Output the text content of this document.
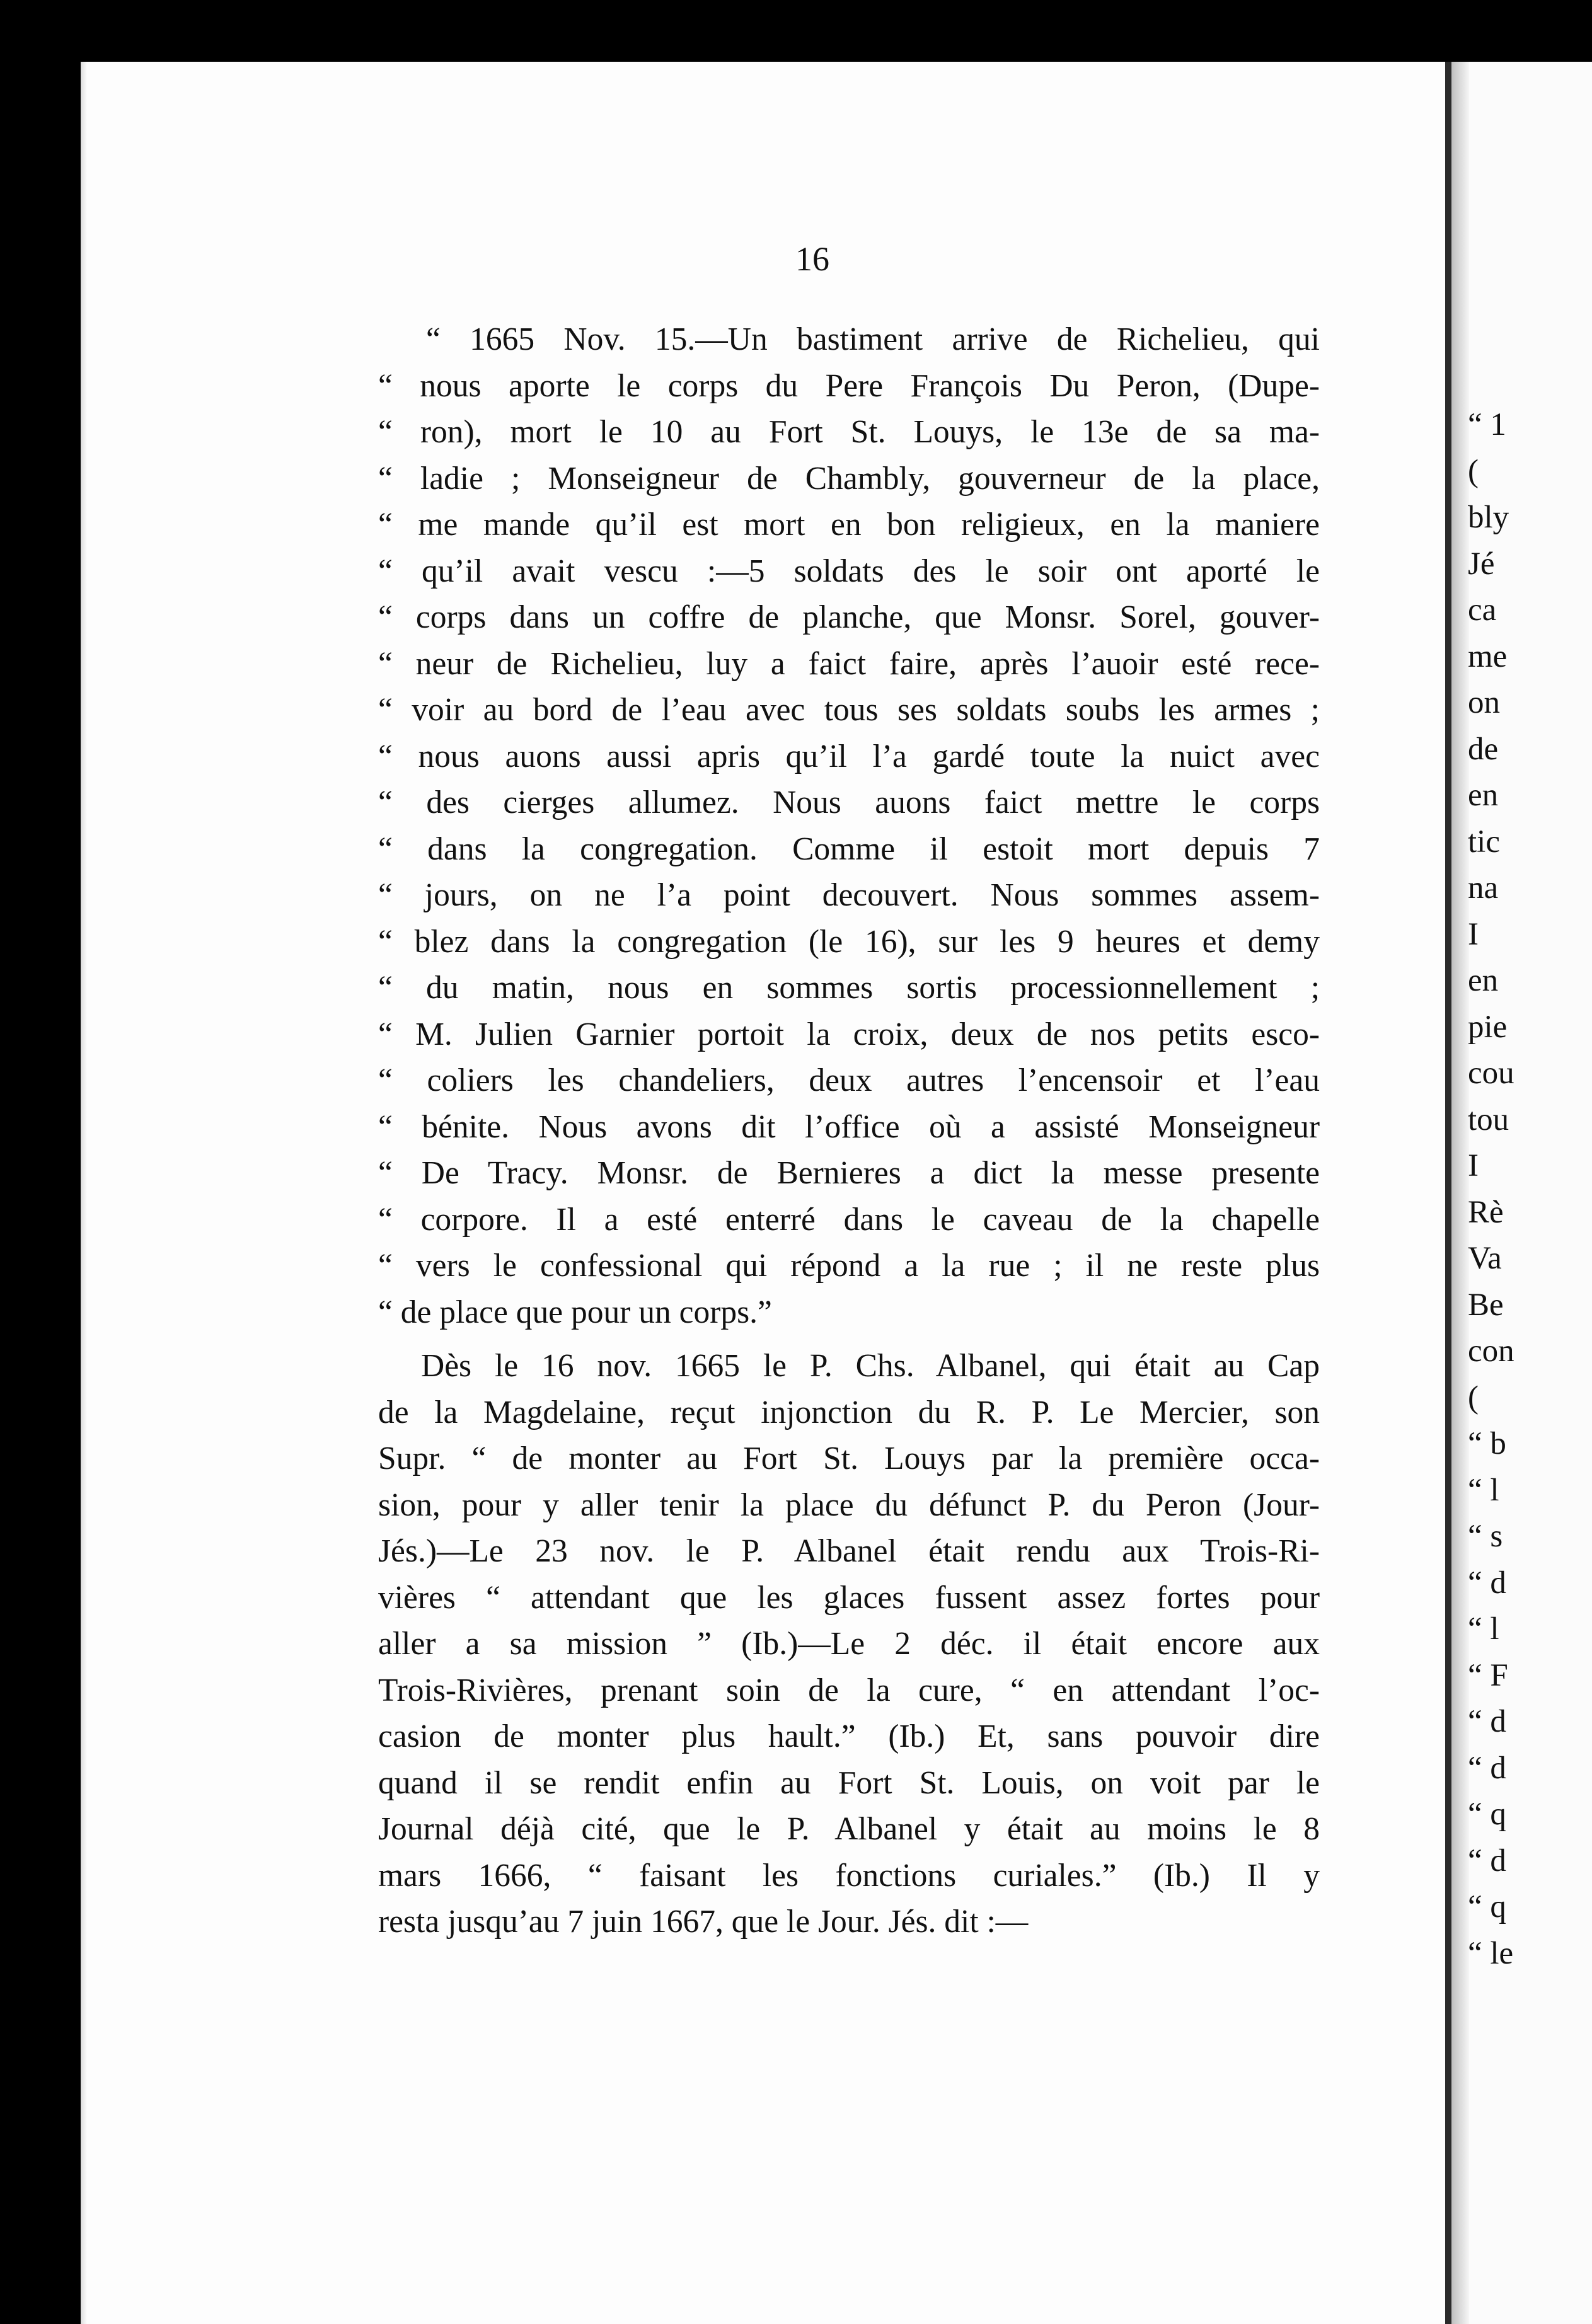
“ 1
(
bly
Jé
ca
me
on
de
en
tic
na
I
en
pie
cou
tou
I
Rè
Va
Be
con
(
“ b
“ l
“ s
“ d
“ l
“ F
“ d
“ d
“ q
“ d
“ q
“ le
16
“ 1665 Nov. 15.—Un bastiment arrive de Richelieu, qui
“ nous aporte le corps du Pere François Du Peron, (Dupe-
“ ron), mort le 10 au Fort St. Louys, le 13e de sa ma-
“ ladie ; Monseigneur de Chambly, gouverneur de la place,
“ me mande qu’il est mort en bon religieux, en la maniere
“ qu’il avait vescu :—5 soldats des le soir ont aporté le
“ corps dans un coffre de planche, que Monsr. Sorel, gouver-
“ neur de Richelieu, luy a faict faire, après l’auoir esté rece-
“ voir au bord de l’eau avec tous ses soldats soubs les armes ;
“ nous auons aussi apris qu’il l’a gardé toute la nuict avec
“ des cierges allumez. Nous auons faict mettre le corps
“ dans la congregation. Comme il estoit mort depuis 7
“ jours, on ne l’a point decouvert. Nous sommes assem-
“ blez dans la congregation (le 16), sur les 9 heures et demy
“ du matin, nous en sommes sortis processionnellement ;
“ M. Julien Garnier portoit la croix, deux de nos petits esco-
“ coliers les chandeliers, deux autres l’encensoir et l’eau
“ bénite. Nous avons dit l’office où a assisté Monseigneur
“ De Tracy. Monsr. de Bernieres a dict la messe presente
“ corpore. Il a esté enterré dans le caveau de la chapelle
“ vers le confessional qui répond a la rue ; il ne reste plus
“ de place que pour un corps.”
Dès le 16 nov. 1665 le P. Chs. Albanel, qui était au Cap
de la Magdelaine, reçut injonction du R. P. Le Mercier, son
Supr. “ de monter au Fort St. Louys par la première occa-
sion, pour y aller tenir la place du défunct P. du Peron (Jour-
Jés.)—Le 23 nov. le P. Albanel était rendu aux Trois-Ri-
vières “ attendant que les glaces fussent assez fortes pour
aller a sa mission ” (Ib.)—Le 2 déc. il était encore aux
Trois-Rivières, prenant soin de la cure, “ en attendant l’oc-
casion de monter plus hault.” (Ib.) Et, sans pouvoir dire
quand il se rendit enfin au Fort St. Louis, on voit par le
Journal déjà cité, que le P. Albanel y était au moins le 8
mars 1666, “ faisant les fonctions curiales.” (Ib.) Il y
resta jusqu’au 7 juin 1667, que le Jour. Jés. dit :—
